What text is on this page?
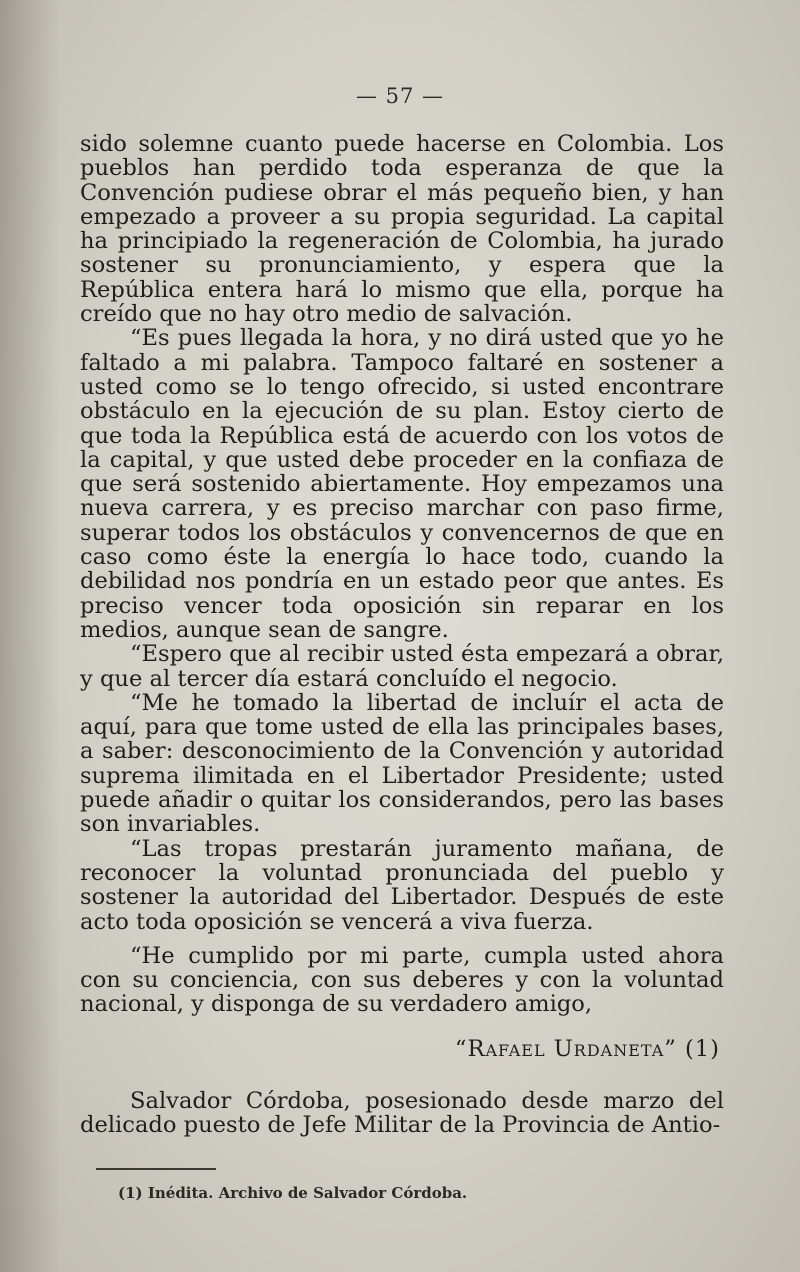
— 57 —

sido solemne cuanto puede hacerse en Colombia. Los pueblos han perdido toda esperanza de que la Convención pudiese obrar el más pequeño bien, y han empezado a proveer a su propia seguridad. La capital ha principiado la regeneración de Colombia, ha jurado sostener su pronunciamiento, y espera que la República entera hará lo mismo que ella, porque ha creído que no hay otro medio de salvación.

“Es pues llegada la hora, y no dirá usted que yo he faltado a mi palabra. Tampoco faltaré en sostener a usted como se lo tengo ofrecido, si usted encontrare obstáculo en la ejecución de su plan. Estoy cierto de que toda la República está de acuerdo con los votos de la capital, y que usted debe proceder en la confiaza de que será sostenido abiertamente. Hoy empezamos una nueva carrera, y es preciso marchar con paso firme, superar todos los obstáculos y convencernos de que en caso como éste la energía lo hace todo, cuando la debilidad nos pondría en un estado peor que antes. Es preciso vencer toda oposición sin reparar en los medios, aunque sean de sangre.

“Espero que al recibir usted ésta empezará a obrar, y que al tercer día estará concluído el negocio.

“Me he tomado la libertad de incluír el acta de aquí, para que tome usted de ella las principales bases, a saber: desconocimiento de la Convención y autoridad suprema ilimitada en el Libertador Presidente; usted puede añadir o quitar los considerandos, pero las bases son invariables.

“Las tropas prestarán juramento mañana, de reconocer la voluntad pronunciada del pueblo y sostener la autoridad del Libertador. Después de este acto toda oposición se vencerá a viva fuerza.

“He cumplido por mi parte, cumpla usted ahora con su conciencia, con sus deberes y con la voluntad nacional, y disponga de su verdadero amigo,

“Rafael Urdaneta” (1)

Salvador Córdoba, posesionado desde marzo del delicado puesto de Jefe Militar de la Provincia de Antio-

(1) Inédita. Archivo de Salvador Córdoba.
